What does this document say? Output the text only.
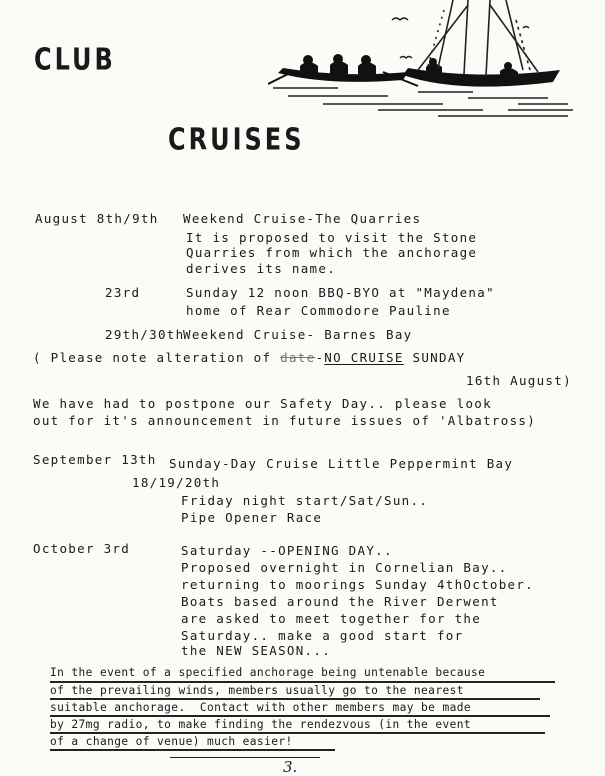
CLUB
CRUISES
August 8th/9th Weekend Cruise-The Quarries
It is proposed to visit the Stone
Quarries from which the anchorage
derives its name.
23rd	Sunday 12 noon BBQ-BYO at "Maydena"
home of Rear Commodore Pauline
29th/30th
Weekend Cruise- Barnes Bay
( Please note alteration of date-NO CRUISE SUNDAY
16th August)
We have had to postpone our Safety Day.. please look
out for it's announcement in future issues of 'Albatross)
September 13th Sunday-Day Cruise Little Peppermint Bay
18/19/20th
Friday night start/Sat/Sun..
Pipe Opener Race
October 3rd	Saturday --OPENING DAY..
Proposed overnight in Cornelian Bay..
returning to moorings Sunday 4thOctober.
Boats based around the River Derwent
are asked to meet together for the
Saturday.. make a good start for
the NEW SEASON...
In the event of a specified anchorage being untenable because
of the prevailing winds, members usually go to the nearest
suitable anchorage.  Contact with other members may be made
by 27mg radio, to make finding the rendezvous (in the event
of a change of venue) much easier!
3.
